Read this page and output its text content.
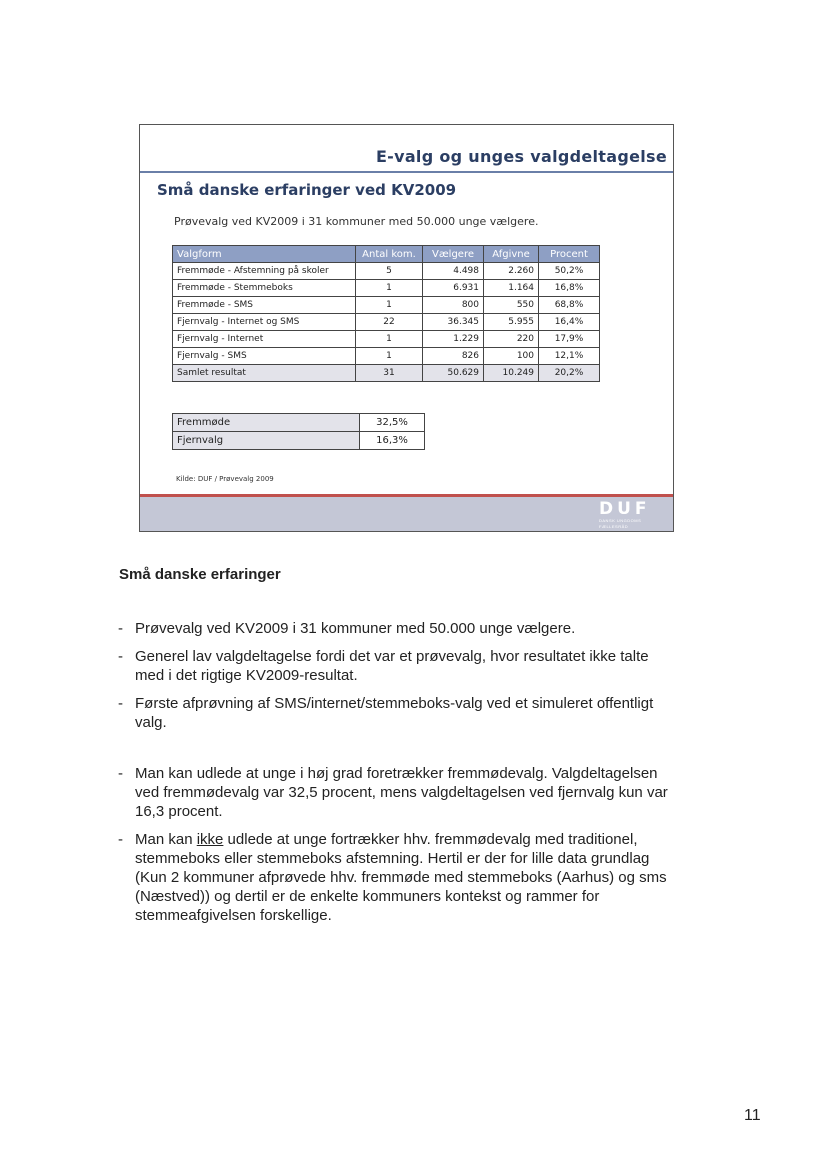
E-valg og unges valgdeltagelse
Små danske erfaringer ved KV2009
Prøvevalg ved KV2009 i 31 kommuner med 50.000 unge vælgere.
Valgform	Antal kom.	Vælgere	Afgivne	Procent
Fremmøde - Afstemning på skoler	5	4.498	2.260	50,2%
Fremmøde - Stemmeboks	1	6.931	1.164	16,8%
Fremmøde - SMS	1	800	550	68,8%
Fjernvalg - Internet og SMS	22	36.345	5.955	16,4%
Fjernvalg - Internet	1	1.229	220	17,9%
Fjernvalg - SMS	1	826	100	12,1%
Samlet resultat	31	50.629	10.249	20,2%
Fremmøde	32,5%
Fjernvalg	16,3%
Kilde: DUF / Prøvevalg 2009
DUF
DANSK UNGDOMS FÆLLESRÅD
Små danske erfaringer
- Prøvevalg ved KV2009 i 31 kommuner med 50.000 unge vælgere.
- Generel lav valgdeltagelse fordi det var et prøvevalg, hvor resultatet ikke talte med i det rigtige KV2009-resultat.
- Første afprøvning af SMS/internet/stemmeboks-valg ved et simuleret offentligt valg.
- Man kan udlede at unge i høj grad foretrækker fremmødevalg. Valgdeltagelsen ved fremmødevalg var 32,5 procent, mens valgdeltagelsen ved fjernvalg kun var 16,3 procent.
- Man kan ikke udlede at unge fortrækker hhv. fremmødevalg med traditionel, stemmeboks eller stemmeboks afstemning. Hertil er der for lille data grundlag (Kun 2 kommuner afprøvede hhv. fremmøde med stemmeboks (Aarhus) og sms (Næstved)) og dertil er de enkelte kommuners kontekst og rammer for stemmeafgivelsen forskellige.
11
